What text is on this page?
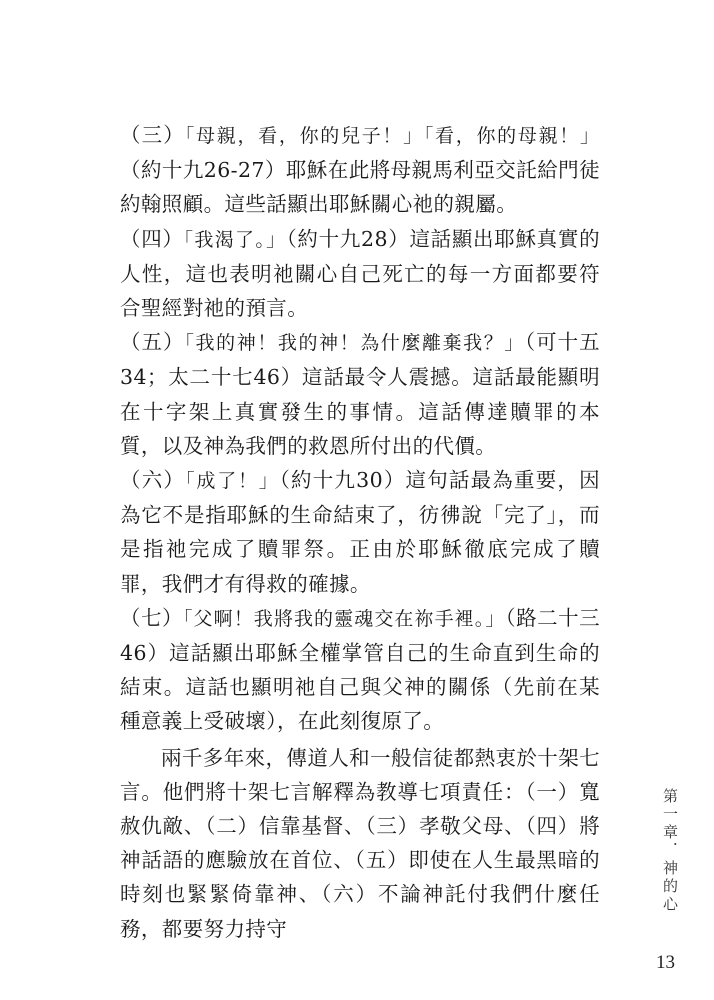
（三）「母親，看，你的兒子！」「看，你的母親！」（約十九26-27）耶穌在此將母親馬利亞交託給門徒約翰照顧。這些話顯出耶穌關心祂的親屬。

（四）「我渴了。」（約十九28）這話顯出耶穌真實的人性，這也表明祂關心自己死亡的每一方面都要符合聖經對祂的預言。

（五）「我的神！我的神！為什麼離棄我？」（可十五34；太二十七46）這話最令人震撼。這話最能顯明在十字架上真實發生的事情。這話傳達贖罪的本質，以及神為我們的救恩所付出的代價。

（六）「成了！」（約十九30）這句話最為重要，因為它不是指耶穌的生命結束了，彷彿說「完了」，而是指祂完成了贖罪祭。正由於耶穌徹底完成了贖罪，我們才有得救的確據。

（七）「父啊！我將我的靈魂交在祢手裡。」（路二十三46）這話顯出耶穌全權掌管自己的生命直到生命的結束。這話也顯明祂自己與父神的關係（先前在某種意義上受破壞），在此刻復原了。

兩千多年來，傳道人和一般信徒都熱衷於十架七言。他們將十架七言解釋為教導七項責任：（一）寬赦仇敵、（二）信靠基督、（三）孝敬父母、（四）將神話語的應驗放在首位、（五）即使在人生最黑暗的時刻也緊緊倚靠神、（六）不論神託付我們什麼任務，都要努力持守

第一章．神的心
13
